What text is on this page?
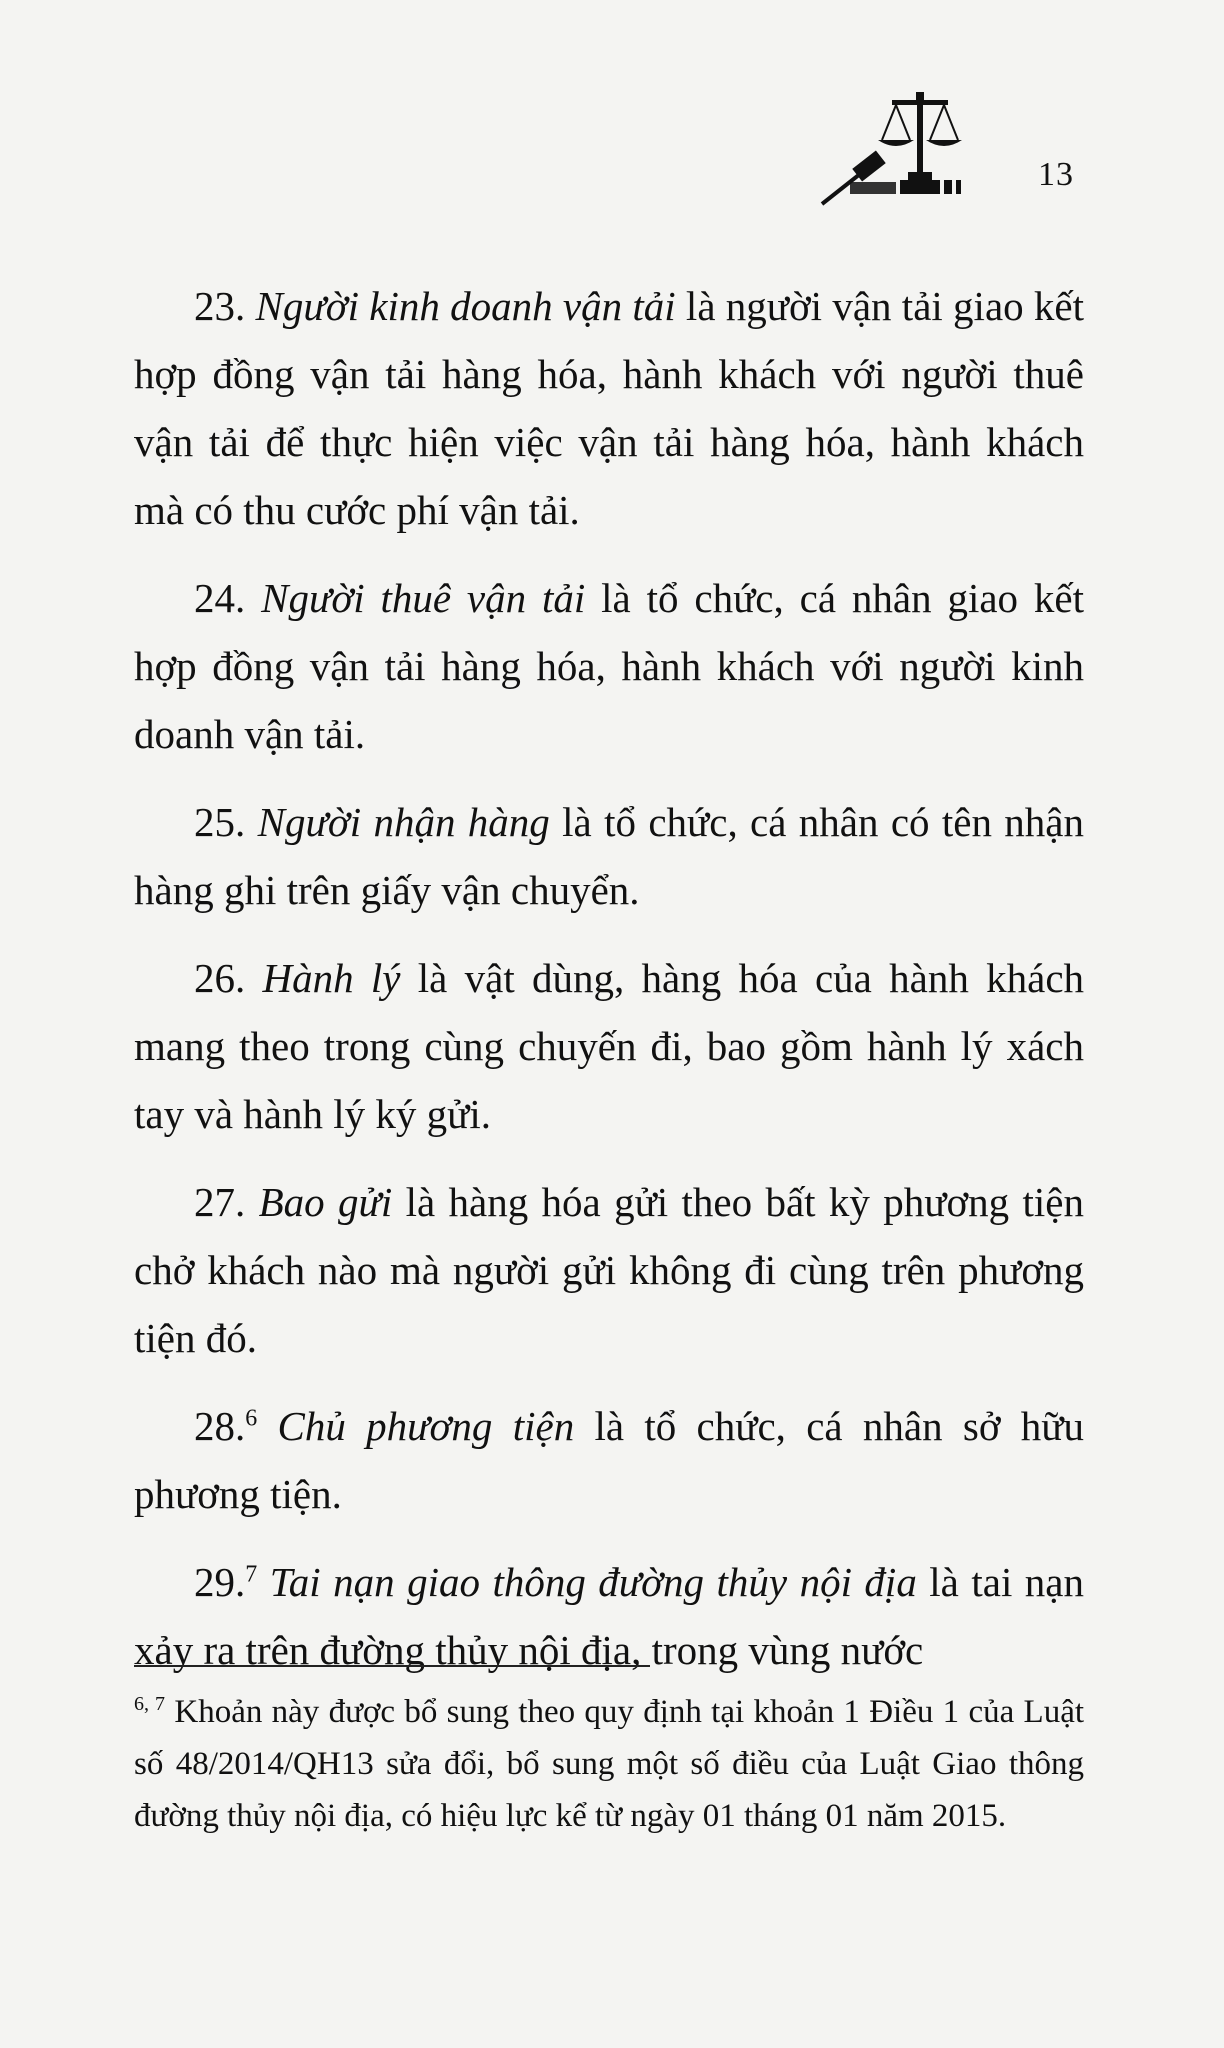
13

23. Người kinh doanh vận tải là người vận tải giao kết hợp đồng vận tải hàng hóa, hành khách với người thuê vận tải để thực hiện việc vận tải hàng hóa, hành khách mà có thu cước phí vận tải.

24. Người thuê vận tải là tổ chức, cá nhân giao kết hợp đồng vận tải hàng hóa, hành khách với người kinh doanh vận tải.

25. Người nhận hàng là tổ chức, cá nhân có tên nhận hàng ghi trên giấy vận chuyển.

26. Hành lý là vật dùng, hàng hóa của hành khách mang theo trong cùng chuyến đi, bao gồm hành lý xách tay và hành lý ký gửi.

27. Bao gửi là hàng hóa gửi theo bất kỳ phương tiện chở khách nào mà người gửi không đi cùng trên phương tiện đó.

28.$^6$ Chủ phương tiện là tổ chức, cá nhân sở hữu phương tiện.

29.$^7$ Tai nạn giao thông đường thủy nội địa là tai nạn xảy ra trên đường thủy nội địa, trong vùng nước

$^{6, 7}$ Khoản này được bổ sung theo quy định tại khoản 1 Điều 1 của Luật số 48/2014/QH13 sửa đổi, bổ sung một số điều của Luật Giao thông đường thủy nội địa, có hiệu lực kể từ ngày 01 tháng 01 năm 2015.
